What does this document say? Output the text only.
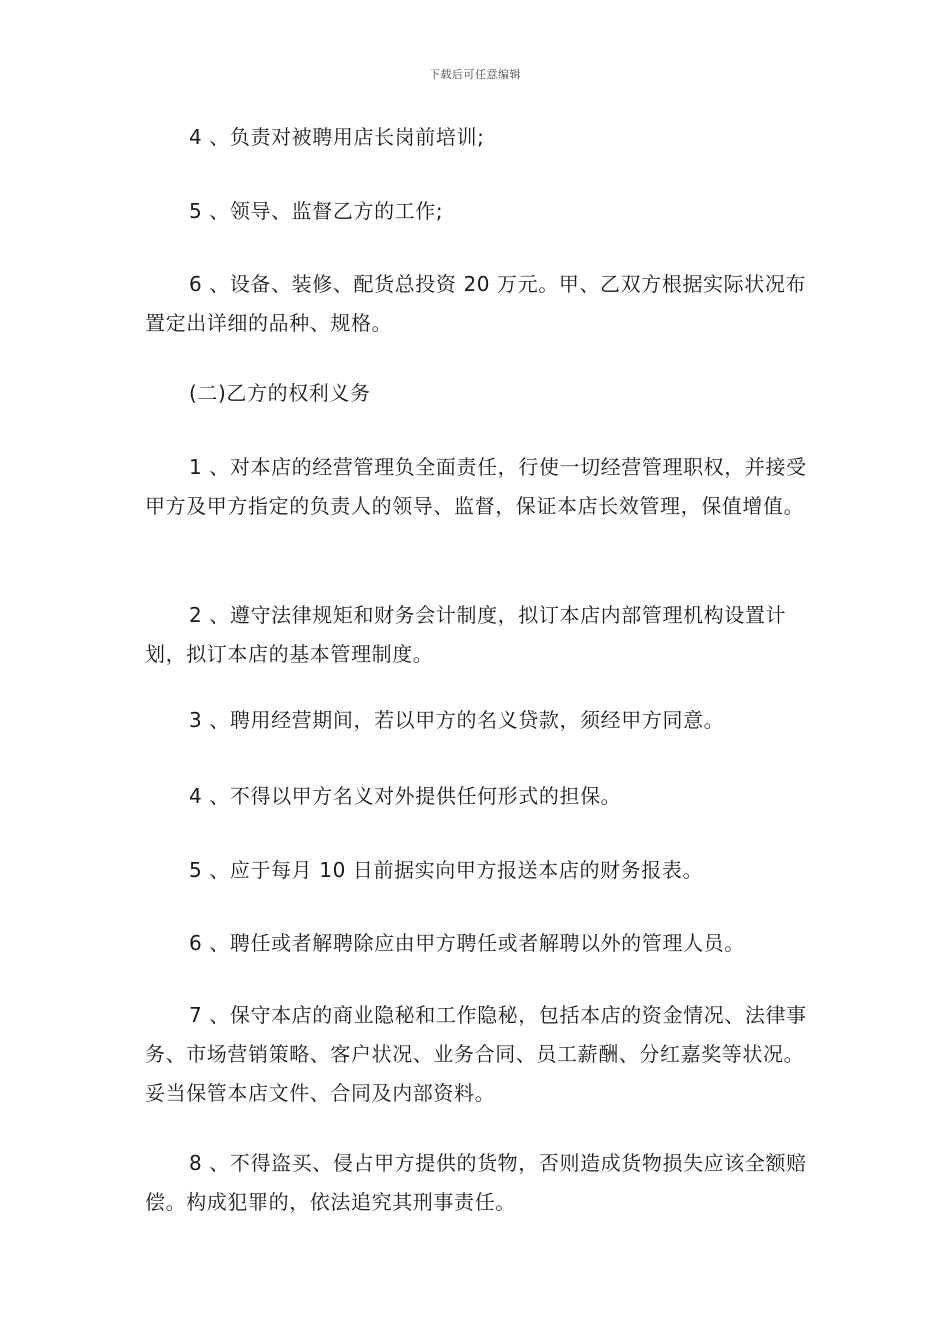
下载后可任意编辑

4 、负责对被聘用店长岗前培训;

5 、领导、监督乙方的工作;

6 、设备、装修、配货总投资 20 万元。甲、乙双方根据实际状况布置定出详细的品种、规格。

(二)乙方的权利义务

1 、对本店的经营管理负全面责任，行使一切经营管理职权，并接受甲方及甲方指定的负责人的领导、监督，保证本店长效管理，保值增值。

2 、遵守法律规矩和财务会计制度，拟订本店内部管理机构设置计划，拟订本店的基本管理制度。

3 、聘用经营期间，若以甲方的名义贷款，须经甲方同意。

4 、不得以甲方名义对外提供任何形式的担保。

5 、应于每月 10 日前据实向甲方报送本店的财务报表。

6 、聘任或者解聘除应由甲方聘任或者解聘以外的管理人员。

7 、保守本店的商业隐秘和工作隐秘，包括本店的资金情况、法律事务、市场营销策略、客户状况、业务合同、员工薪酬、分红嘉奖等状况。妥当保管本店文件、合同及内部资料。

8 、不得盗买、侵占甲方提供的货物，否则造成货物损失应该全额赔偿。构成犯罪的，依法追究其刑事责任。
